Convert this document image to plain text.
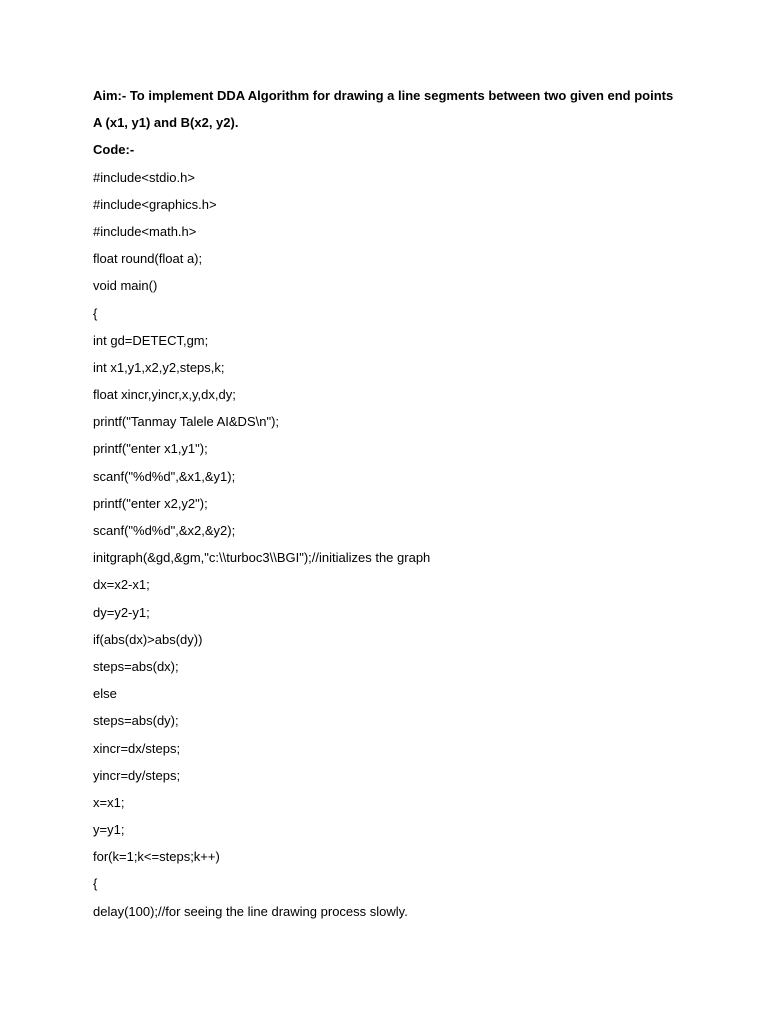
Aim:- To implement DDA Algorithm for drawing a line segments between two given end points
A (x1, y1) and B(x2, y2).
Code:-
#include<stdio.h>
#include<graphics.h>
#include<math.h>
float round(float a);
void main()
{
int gd=DETECT,gm;
int x1,y1,x2,y2,steps,k;
float xincr,yincr,x,y,dx,dy;
printf("Tanmay Talele AI&DS\n");
printf("enter x1,y1");
scanf("%d%d",&x1,&y1);
printf("enter x2,y2");
scanf("%d%d",&x2,&y2);
initgraph(&gd,&gm,"c:\\turboc3\\BGI");//initializes the graph
dx=x2-x1;
dy=y2-y1;
if(abs(dx)>abs(dy))
steps=abs(dx);
else
steps=abs(dy);
xincr=dx/steps;
yincr=dy/steps;
x=x1;
y=y1;
for(k=1;k<=steps;k++)
{
delay(100);//for seeing the line drawing process slowly.
